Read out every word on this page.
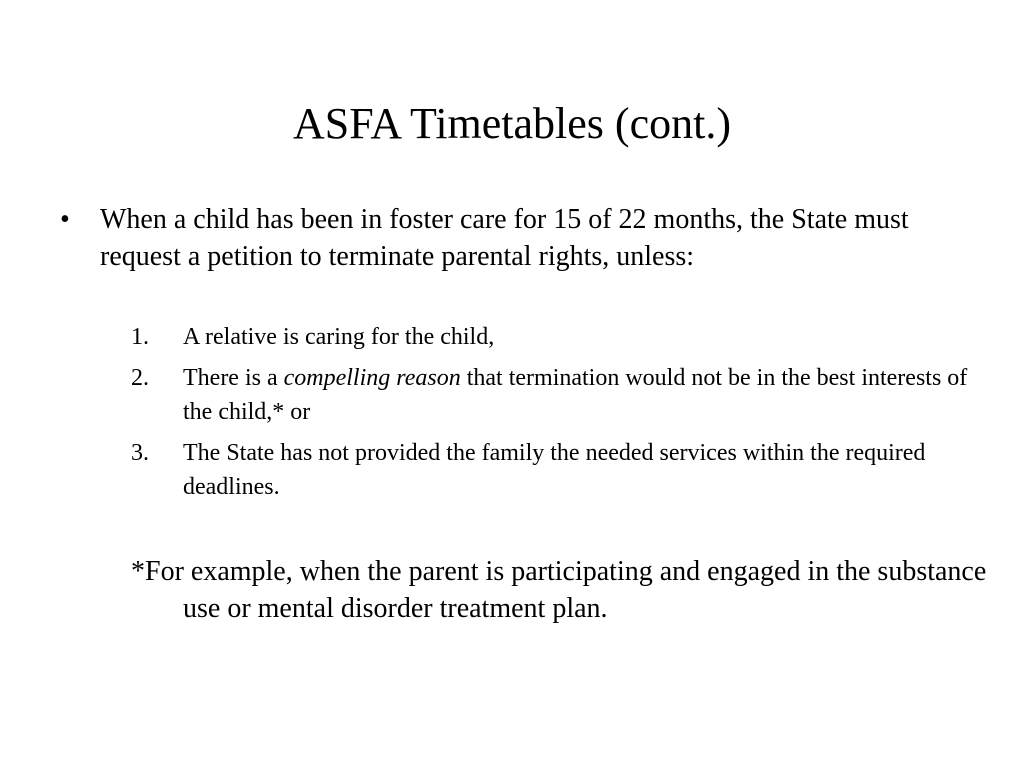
ASFA Timetables (cont.)
• When a child has been in foster care for 15 of 22 months, the State must request a petition to terminate parental rights, unless:
1. A relative is caring for the child,
2. There is a compelling reason that termination would not be in the best interests of the child,* or
3. The State has not provided the family the needed services within the required deadlines.
*For example, when the parent is participating and engaged in the substance use or mental disorder treatment plan.
